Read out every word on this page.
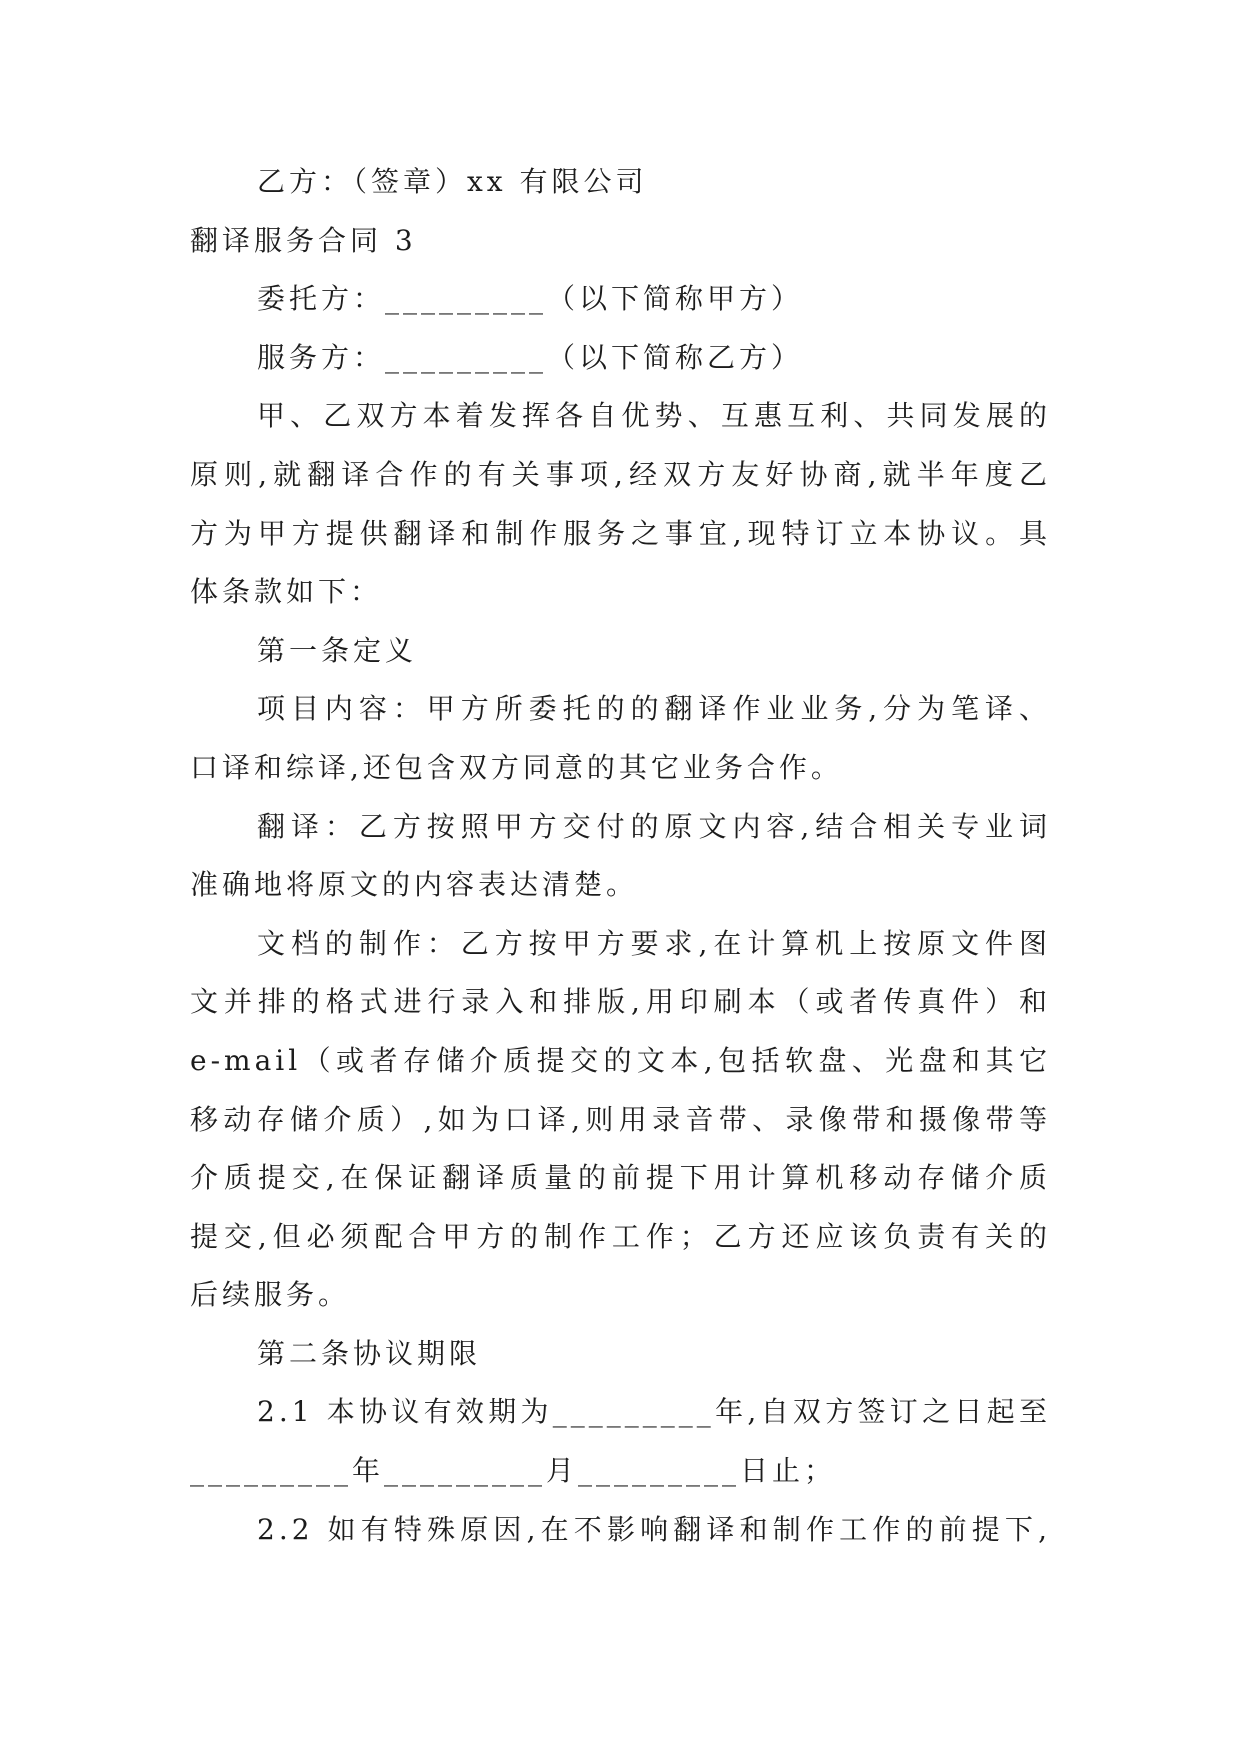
乙方：（签章）xx 有限公司
翻译服务合同 3
委托方：_________（以下简称甲方）
服务方：_________（以下简称乙方）
甲、乙双方本着发挥各自优势、互惠互利、共同发展的
原则,就翻译合作的有关事项,经双方友好协商,就半年度乙
方为甲方提供翻译和制作服务之事宜,现特订立本协议。具
体条款如下：
第一条定义
项目内容：甲方所委托的的翻译作业业务,分为笔译、
口译和综译,还包含双方同意的其它业务合作。
翻译：乙方按照甲方交付的原文内容,结合相关专业词
准确地将原文的内容表达清楚。
文档的制作：乙方按甲方要求,在计算机上按原文件图
文并排的格式进行录入和排版,用印刷本（或者传真件）和
e-mail（或者存储介质提交的文本,包括软盘、光盘和其它
移动存储介质）,如为口译,则用录音带、录像带和摄像带等
介质提交,在保证翻译质量的前提下用计算机移动存储介质
提交,但必须配合甲方的制作工作；乙方还应该负责有关的
后续服务。
第二条协议期限
2.1 本协议有效期为_________年,自双方签订之日起至
_________年_________月_________日止；
2.2 如有特殊原因,在不影响翻译和制作工作的前提下,
